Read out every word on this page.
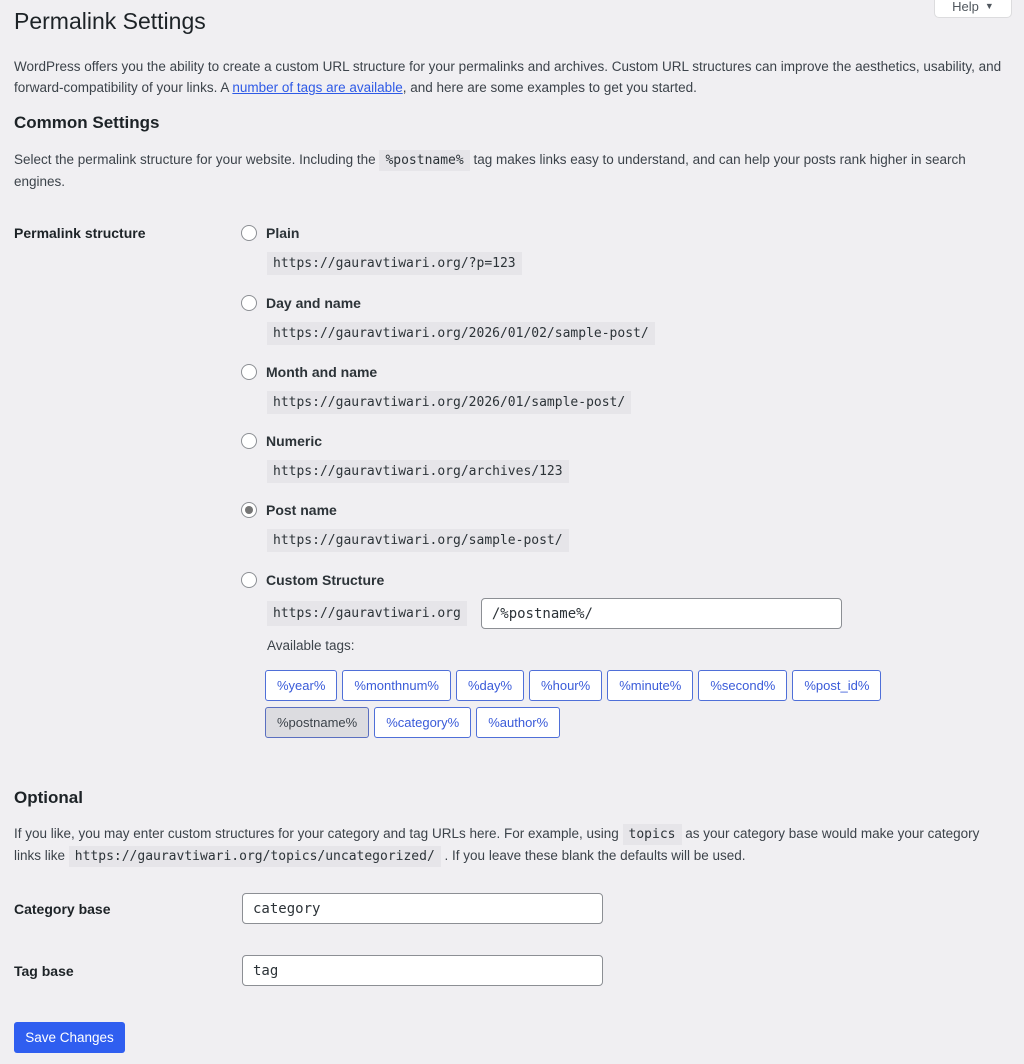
Help ▼
Permalink Settings

WordPress offers you the ability to create a custom URL structure for your permalinks and archives. Custom URL structures can improve the aesthetics, usability, and forward-compatibility of your links. A number of tags are available, and here are some examples to get you started.

Common Settings

Select the permalink structure for your website. Including the %postname% tag makes links easy to understand, and can help your posts rank higher in search engines.

Permalink structure	Plain
https://gauravtiwari.org/?p=123
Day and name
https://gauravtiwari.org/2026/01/02/sample-post/
Month and name
https://gauravtiwari.org/2026/01/sample-post/
Numeric
https://gauravtiwari.org/archives/123
Post name
https://gauravtiwari.org/sample-post/
Custom Structure
https://gauravtiwari.org	/%postname%/
Available tags:
%year%	%monthnum%	%day%	%hour%	%minute%	%second%	%post_id%
%postname%	%category%	%author%
Optional

If you like, you may enter custom structures for your category and tag URLs here. For example, using topics as your category base would make your category links like https://gauravtiwari.org/topics/uncategorized/ . If you leave these blank the defaults will be used.

Category base	category
Tag base	tag
Save Changes
